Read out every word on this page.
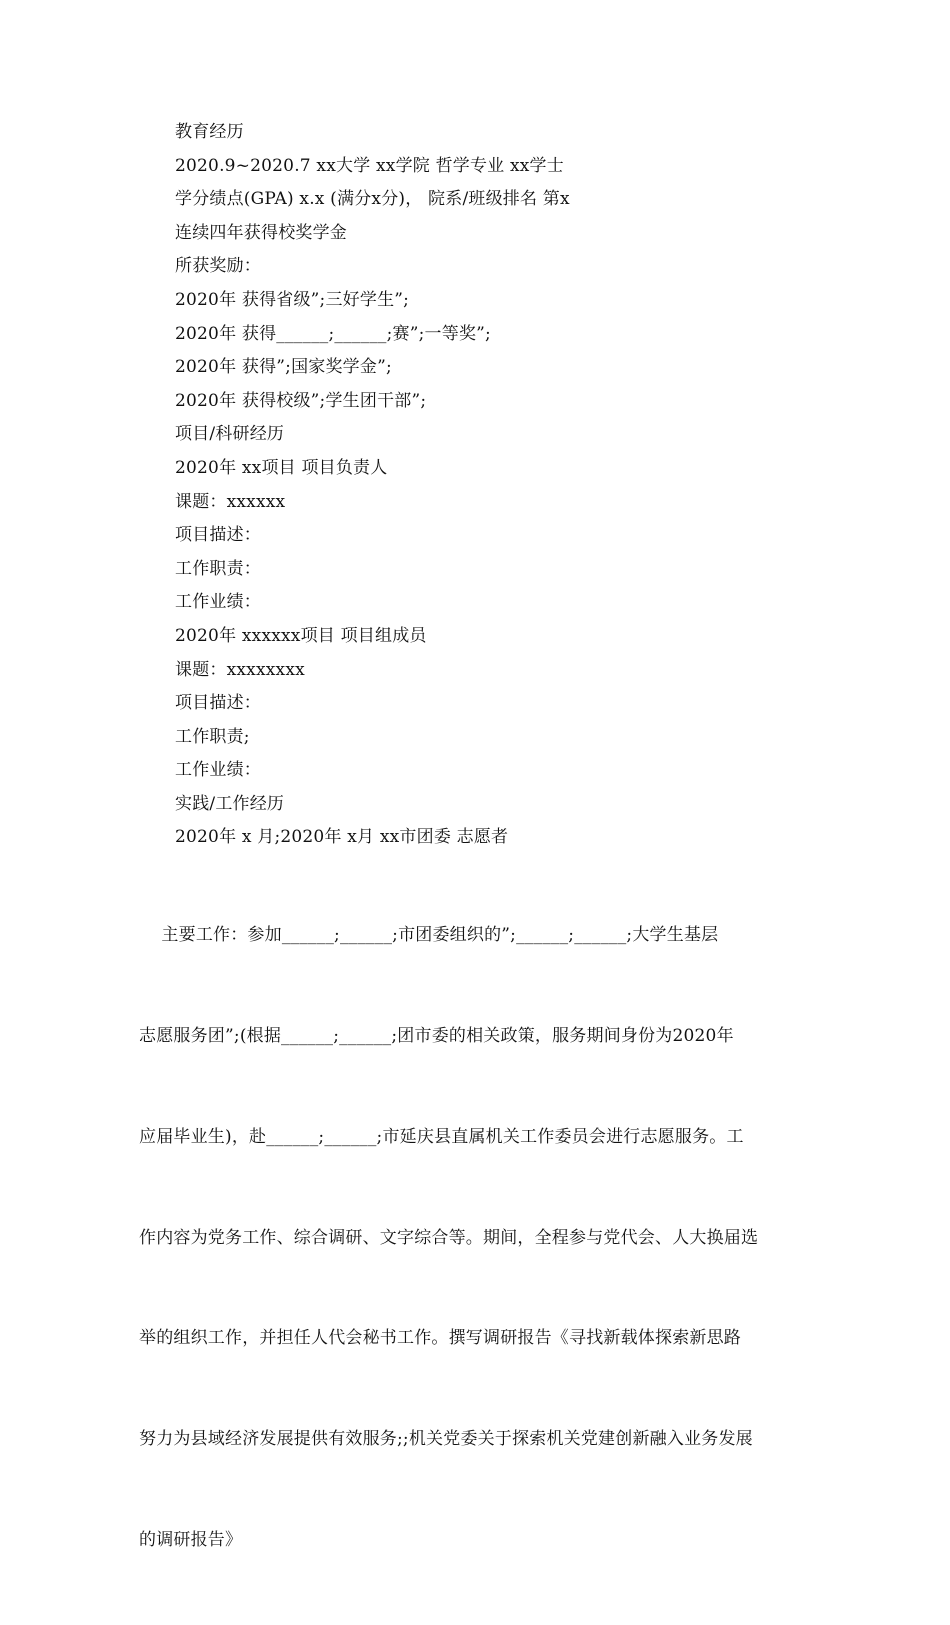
教育经历
2020.9~2020.7 xx大学 xx学院 哲学专业 xx学士
学分绩点(GPA) x.x (满分x分)， 院系/班级排名 第x
连续四年获得校奖学金
所获奖励：
2020年 获得省级”;三好学生”;
2020年 获得______;______;赛”;一等奖”;
2020年 获得”;国家奖学金”;
2020年 获得校级”;学生团干部”;
项目/科研经历
2020年 xx项目 项目负责人
课题：xxxxxx
项目描述：
工作职责：
工作业绩：
2020年 xxxxxx项目 项目组成员
课题：xxxxxxxx
项目描述：
工作职责;
工作业绩：
实践/工作经历
2020年 x 月;2020年 x月 xx市团委 志愿者

主要工作：参加______;______;市团委组织的”;______;______;大学生基层

志愿服务团”;(根据______;______;团市委的相关政策，服务期间身份为2020年

应届毕业生)，赴______;______;市延庆县直属机关工作委员会进行志愿服务。工

作内容为党务工作、综合调研、文字综合等。期间，全程参与党代会、人大换届选

举的组织工作，并担任人代会秘书工作。撰写调研报告《寻找新载体探索新思路

努力为县域经济发展提供有效服务;;机关党委关于探索机关党建创新融入业务发展

的调研报告》
